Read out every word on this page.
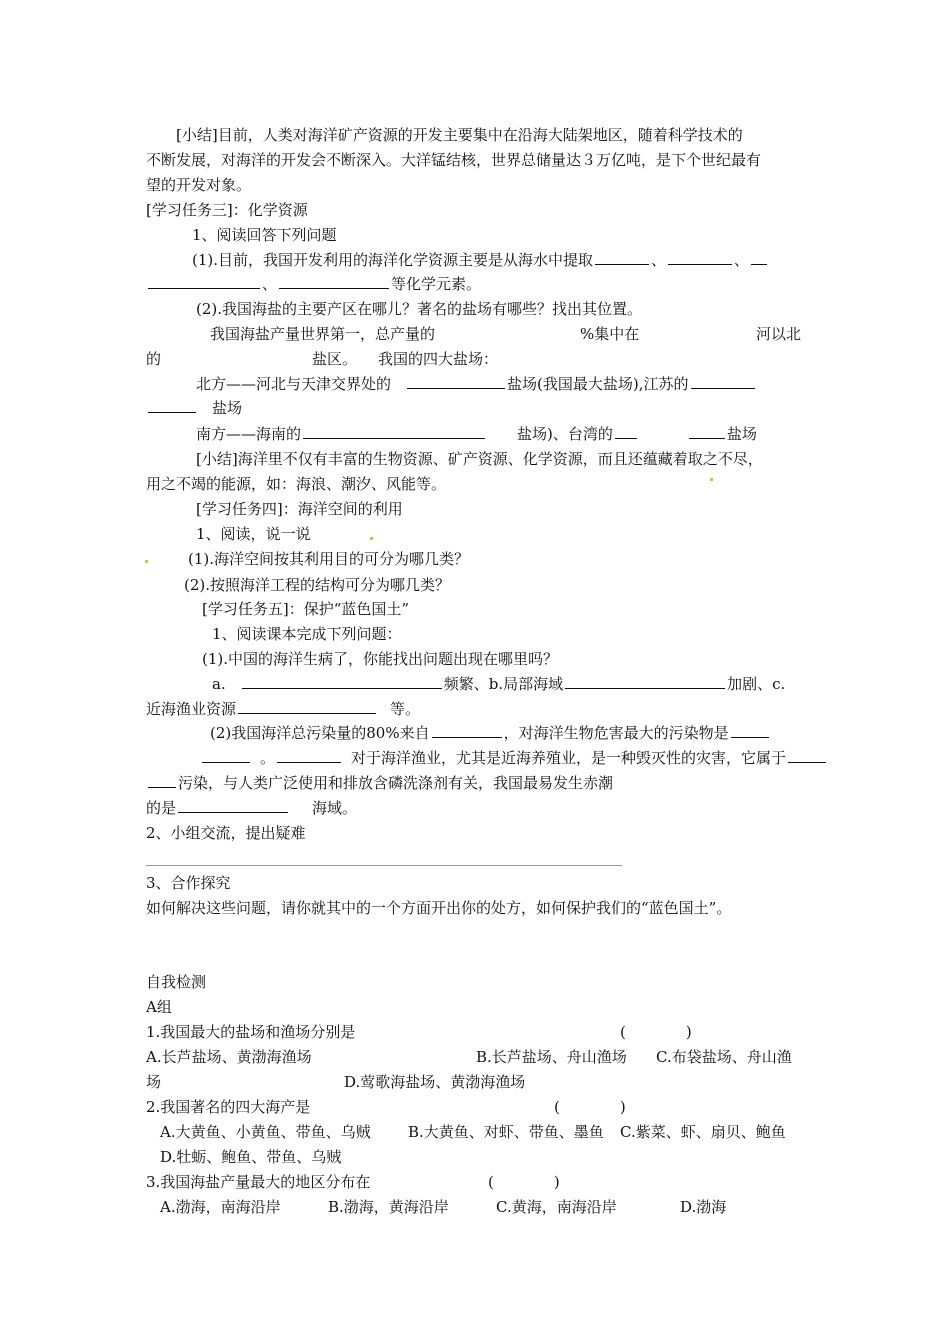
[小结]目前，人类对海洋矿产资源的开发主要集中在沿海大陆架地区，随着科学技术的
不断发展，对海洋的开发会不断深入。大洋锰结核，世界总储量达３万亿吨，是下个世纪最有
望的开发对象。
[学习任务三]：化学资源
1、阅读回答下列问题
(1).目前，我国开发利用的海洋化学资源主要是从海水中提取	、	、
、	等化学元素。
(2).我国海盐的主要产区在哪儿？著名的盐场有哪些？找出其位置。
我国海盐产量世界第一，总产量的	%集中在	河以北
的	盐区。 我国的四大盐场：
北方——河北与天津交界处的	盐场(我国最大盐场),江苏的
盐场
南方——海南的	盐场)、台湾的	盐场
[小结]海洋里不仅有丰富的生物资源、矿产资源、化学资源，而且还蕴藏着取之不尽，
用之不竭的能源，如：海浪、潮汐、风能等。
[学习任务四]：海洋空间的利用
1、阅读，说一说
(1).海洋空间按其利用目的可分为哪几类？
(2).按照海洋工程的结构可分为哪几类？
[学习任务五]：保护“蓝色国土”
1、阅读课本完成下列问题：
(1).中国的海洋生病了，你能找出问题出现在哪里吗？
a.	频繁、b.局部海域	加剧、c.
近海渔业资源	等。
(2)我国海洋总污染量的80%来自	，对海洋生物危害最大的污染物是
。	对于海洋渔业，尤其是近海养殖业，是一种毁灭性的灾害，它属于
污染，与人类广泛使用和排放含磷洗涤剂有关，我国最易发生赤潮
的是	海域。
2、小组交流，提出疑难
3、合作探究
如何解决这些问题，请你就其中的一个方面开出你的处方，如何保护我们的“蓝色国土”。
自我检测
A组
1.我国最大的盐场和渔场分别是	(　　　　)
A.长芦盐场、黄渤海渔场	B.长芦盐场、舟山渔场 C.布袋盐场、舟山渔
场	D.莺歌海盐场、黄渤海渔场
2.我国著名的四大海产是	(　　　　)
A.大黄鱼、小黄鱼、带鱼、乌贼 B.大黄鱼、对虾、带鱼、墨鱼 C.紫菜、虾、扇贝、鲍鱼
D.牡蛎、鲍鱼、带鱼、乌贼
3.我国海盐产量最大的地区分布在	(　　　　)
A.渤海，南海沿岸	B.渤海，黄海沿岸	C.黄海，南海沿岸	D.渤海
